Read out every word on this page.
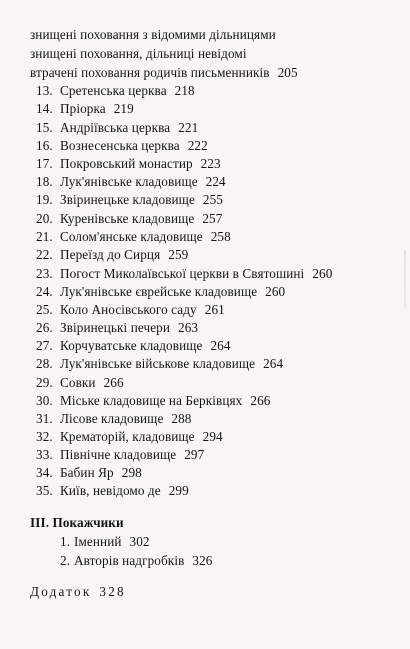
знищені поховання з відомими дільницями
знищені поховання, дільниці невідомі
втрачені поховання родичів письменників 205
13. Сретенська церква 218
14. Пріорка 219
15. Андріївська церква 221
16. Вознесенська церква 222
17. Покровський монастир 223
18. Лук'янівське кладовище 224
19. Звіринецьке кладовище 255
20. Куренівське кладовище 257
21. Солом'янське кладовище 258
22. Переїзд до Сирця 259
23. Погост Миколаївської церкви в Святошині 260
24. Лук'янівське єврейське кладовище 260
25. Коло Аносівського саду 261
26. Звіринецькі печери 263
27. Корчуватське кладовище 264
28. Лук'янівське військове кладовище 264
29. Совки 266
30. Міське кладовище на Берківцях 266
31. Лісове кладовище 288
32. Крематорій, кладовище 294
33. Північне кладовище 297
34. Бабин Яр 298
35. Київ, невідомо де 299
III. Покажчики
1. Іменний 302
2. Авторів надгробків 326
Додаток 328
